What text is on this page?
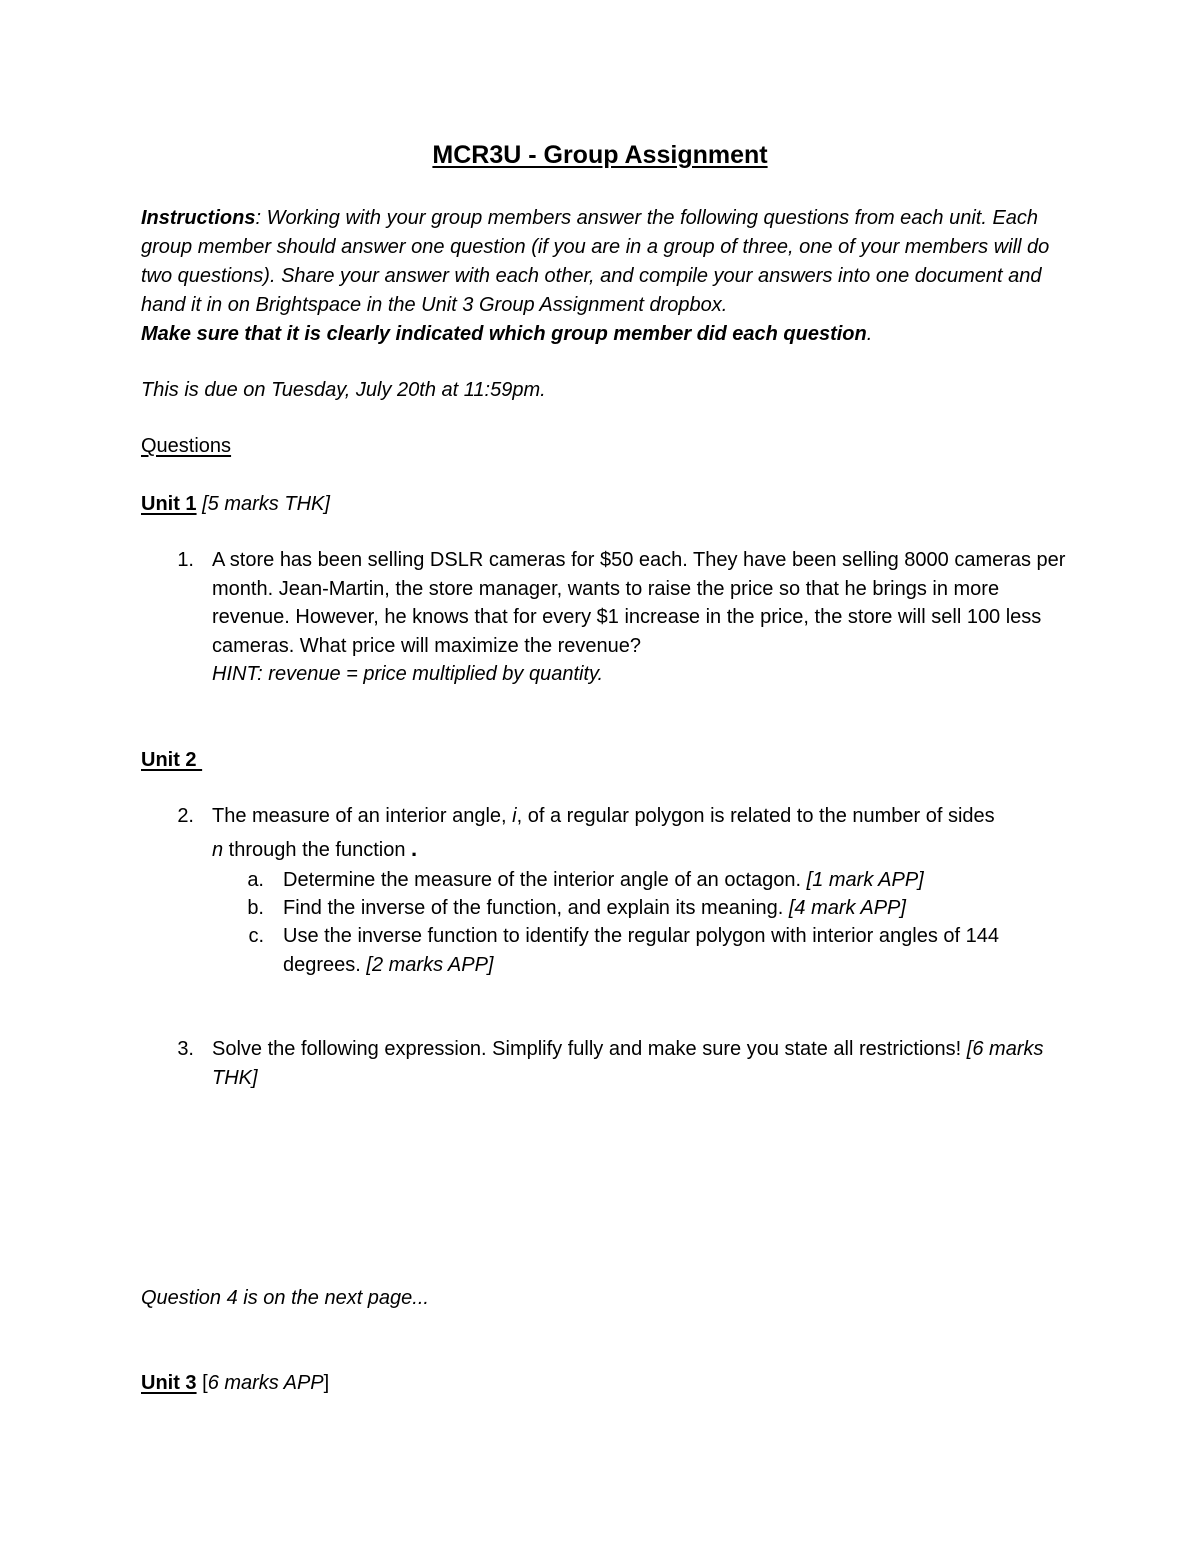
MCR3U - Group Assignment
Instructions: Working with your group members answer the following questions from each unit. Each group member should answer one question (if you are in a group of three, one of your members will do two questions). Share your answer with each other, and compile your answers into one document and hand it in on Brightspace in the Unit 3 Group Assignment dropbox.
Make sure that it is clearly indicated which group member did each question.
This is due on Tuesday, July 20th at 11:59pm.
Questions
Unit 1 [5 marks THK]
1. A store has been selling DSLR cameras for $50 each. They have been selling 8000 cameras per month. Jean-Martin, the store manager, wants to raise the price so that he brings in more revenue. However, he knows that for every $1 increase in the price, the store will sell 100 less cameras. What price will maximize the revenue?
HINT: revenue = price multiplied by quantity.
Unit 2
2. The measure of an interior angle, i, of a regular polygon is related to the number of sides
n through the function .
a. Determine the measure of the interior angle of an octagon. [1 mark APP]
b. Find the inverse of the function, and explain its meaning. [4 mark APP]
c. Use the inverse function to identify the regular polygon with interior angles of 144 degrees. [2 marks APP]
3. Solve the following expression. Simplify fully and make sure you state all restrictions! [6 marks THK]
Question 4 is on the next page...
Unit 3 [6 marks APP]
